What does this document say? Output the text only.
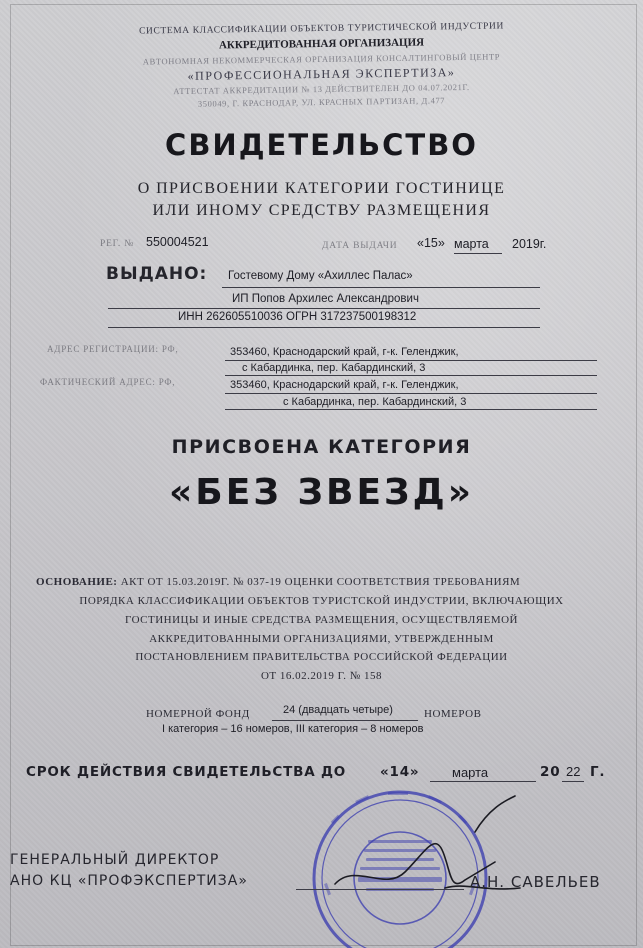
СИСТЕМА КЛАССИФИКАЦИИ ОБЪЕКТОВ ТУРИСТИЧЕСКОЙ ИНДУСТРИИ
АККРЕДИТОВАННАЯ ОРГАНИЗАЦИЯ
АВТОНОМНАЯ НЕКОММЕРЧЕСКАЯ ОРГАНИЗАЦИЯ КОНСАЛТИНГОВЫЙ ЦЕНТР
«ПРОФЕССИОНАЛЬНАЯ ЭКСПЕРТИЗА»
АТТЕСТАТ АККРЕДИТАЦИИ № 13 ДЕЙСТВИТЕЛЕН ДО 04.07.2021Г.
350049, Г. КРАСНОДАР, УЛ. КРАСНЫХ ПАРТИЗАН, Д.477
СВИДЕТЕЛЬСТВО
О ПРИСВОЕНИИ КАТЕГОРИИ ГОСТИНИЦЕ
ИЛИ ИНОМУ СРЕДСТВУ РАЗМЕЩЕНИЯ
РЕГ. № 550004521	ДАТА ВЫДАЧИ «15» марта 2019г.
ВЫДАНО: Гостевому Дому «Ахиллес Палас»
ИП Попов Архилес Александрович
ИНН 262605510036 ОГРН 317237500198312
АДРЕС РЕГИСТРАЦИИ: РФ,	353460, Краснодарский край, г-к. Геленджик,
с Кабардинка, пер. Кабардинский, 3
ФАКТИЧЕСКИЙ АДРЕС: РФ,	353460, Краснодарский край, г-к. Геленджик,
с Кабардинка, пер. Кабардинский, 3
ПРИСВОЕНА КАТЕГОРИЯ
«БЕЗ ЗВЕЗД»
ОСНОВАНИЕ: АКТ ОТ 15.03.2019Г. № 037-19 ОЦЕНКИ СООТВЕТСТВИЯ ТРЕБОВАНИЯМ
ПОРЯДКА КЛАССИФИКАЦИИ ОБЪЕКТОВ ТУРИСТСКОЙ ИНДУСТРИИ, ВКЛЮЧАЮЩИХ
ГОСТИНИЦЫ И ИНЫЕ СРЕДСТВА РАЗМЕЩЕНИЯ, ОСУЩЕСТВЛЯЕМОЙ
АККРЕДИТОВАННЫМИ ОРГАНИЗАЦИЯМИ, УТВЕРЖДЕННЫМ
ПОСТАНОВЛЕНИЕМ ПРАВИТЕЛЬСТВА РОССИЙСКОЙ ФЕДЕРАЦИИ
ОТ 16.02.2019 Г. № 158
НОМЕРНОЙ ФОНД	24 (двадцать четыре)	НОМЕРОВ
I категория – 16 номеров, III категория – 8 номеров
СРОК ДЕЙСТВИЯ СВИДЕТЕЛЬСТВА ДО	«14»	марта	20 22 Г.
ГЕНЕРАЛЬНЫЙ ДИРЕКТОР
АНО КЦ «ПРОФЭКСПЕРТИЗА»	А.Н. САВЕЛЬЕВ
